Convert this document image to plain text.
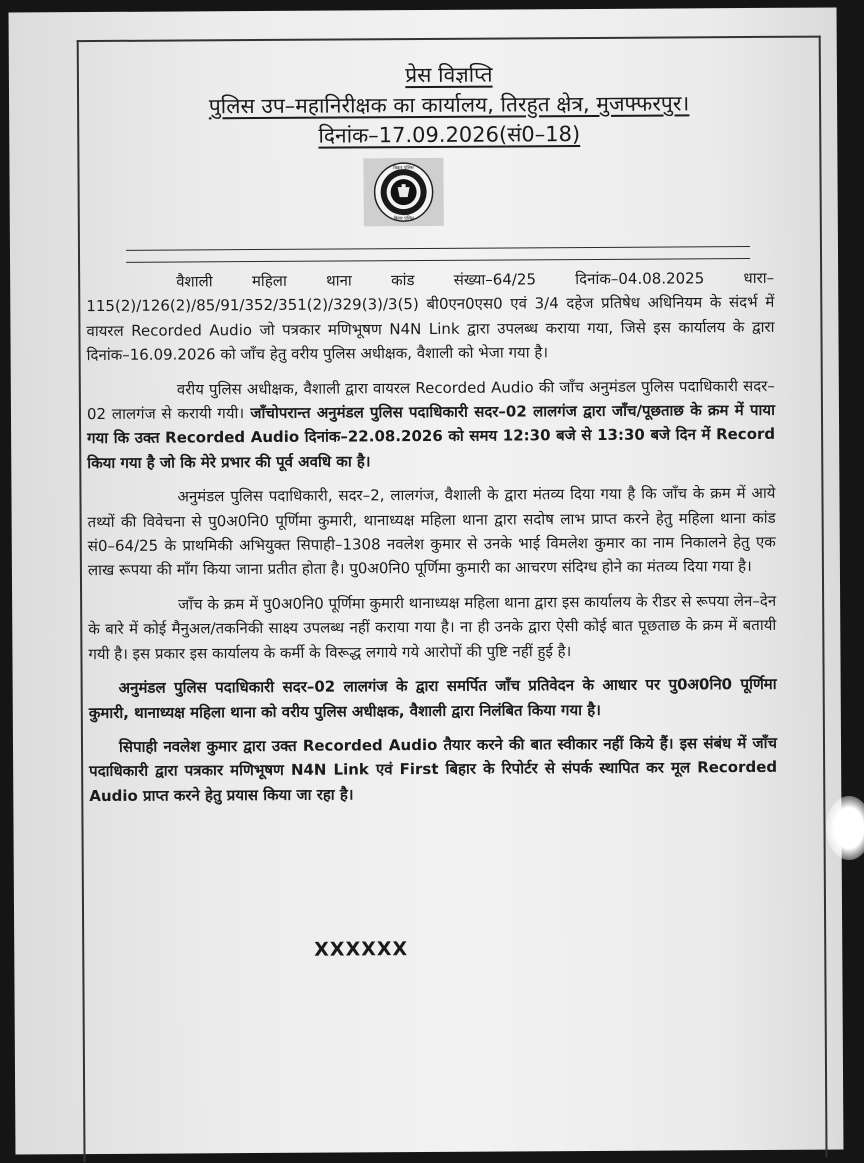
प्रेस विज्ञप्ति
पुलिस उप–महानिरीक्षक का कार्यालय, तिरहुत क्षेत्र, मुजफ्फरपुर।
दिनांक–17.09.2026(सं0–18)
बिहार पुलिस
बिहार पुलिस

वैशाली महिला थाना कांड संख्या–64/25 दिनांक–04.08.2025 धारा–115(2)/126(2)/85/91/352/351(2)/329(3)/3(5) बी0एन0एस0 एवं 3/4 दहेज प्रतिषेध अधिनियम के संदर्भ में वायरल Recorded Audio जो पत्रकार मणिभूषण N4N Link द्वारा उपलब्ध कराया गया, जिसे इस कार्यालय के द्वारा दिनांक–16.09.2026 को जाँच हेतु वरीय पुलिस अधीक्षक, वैशाली को भेजा गया है।

वरीय पुलिस अधीक्षक, वैशाली द्वारा वायरल Recorded Audio की जाँच अनुमंडल पुलिस पदाधिकारी सदर–02 लालगंज से करायी गयी। जाँचोपरान्त अनुमंडल पुलिस पदाधिकारी सदर–02 लालगंज द्वारा जाँच/पूछताछ के क्रम में पाया गया कि उक्त Recorded Audio दिनांक–22.08.2026 को समय 12:30 बजे से 13:30 बजे दिन में Record किया गया है जो कि मेरे प्रभार की पूर्व अवधि का है।

अनुमंडल पुलिस पदाधिकारी, सदर–2, लालगंज, वैशाली के द्वारा मंतव्य दिया गया है कि जाँच के क्रम में आये तथ्यों की विवेचना से पु0अ0नि0 पूर्णिमा कुमारी, थानाध्यक्ष महिला थाना द्वारा सदोष लाभ प्राप्त करने हेतु महिला थाना कांड सं0–64/25 के प्राथमिकी अभियुक्त सिपाही–1308 नवलेश कुमार से उनके भाई विमलेश कुमार का नाम निकालने हेतु एक लाख रूपया की माँग किया जाना प्रतीत होता है। पु0अ0नि0 पूर्णिमा कुमारी का आचरण संदिग्ध होने का मंतव्य दिया गया है।

जाँच के क्रम में पु0अ0नि0 पूर्णिमा कुमारी थानाध्यक्ष महिला थाना द्वारा इस कार्यालय के रीडर से रूपया लेन–देन के बारे में कोई मैनुअल/तकनिकी साक्ष्य उपलब्ध नहीं कराया गया है। ना ही उनके द्वारा ऐसी कोई बात पूछताछ के क्रम में बतायी गयी है। इस प्रकार इस कार्यालय के कर्मी के विरूद्ध लगाये गये आरोपों की पुष्टि नहीं हुई है।

अनुमंडल पुलिस पदाधिकारी सदर–02 लालगंज के द्वारा समर्पित जाँच प्रतिवेदन के आधार पर पु0अ0नि0 पूर्णिमा कुमारी, थानाध्यक्ष महिला थाना को वरीय पुलिस अधीक्षक, वैशाली द्वारा निलंबित किया गया है।

सिपाही नवलेश कुमार द्वारा उक्त Recorded Audio तैयार करने की बात स्वीकार नहीं किये हैं। इस संबंध में जाँच पदाधिकारी द्वारा पत्रकार मणिभूषण N4N Link एवं First बिहार के रिपोर्टर से संपर्क स्थापित कर मूल Recorded Audio प्राप्त करने हेतु प्रयास किया जा रहा है।

XXXXXX
